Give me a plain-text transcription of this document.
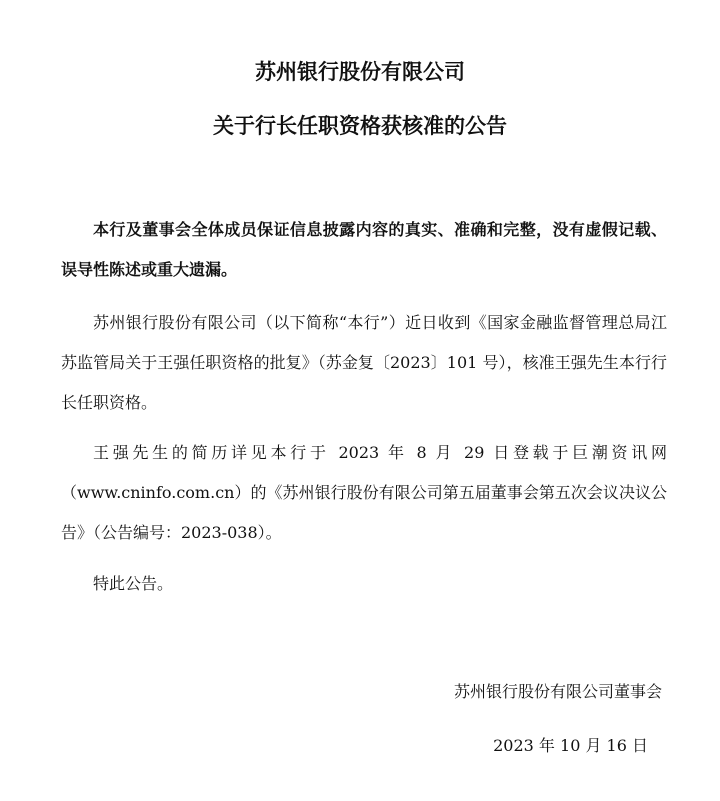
苏州银行股份有限公司
关于行长任职资格获核准的公告

本行及董事会全体成员保证信息披露内容的真实、准确和完整，没有虚假记载、误导性陈述或重大遗漏。

苏州银行股份有限公司（以下简称“本行”）近日收到《国家金融监督管理总局江苏监管局关于王强任职资格的批复》（苏金复〔2023〕101 号），核准王强先生本行行长任职资格。

王强先生的简历详见本行于 2023 年 8 月 29 日登载于巨潮资讯网（www.cninfo.com.cn）的《苏州银行股份有限公司第五届董事会第五次会议决议公告》（公告编号：2023-038）。

特此公告。

苏州银行股份有限公司董事会
2023 年 10 月 16 日
